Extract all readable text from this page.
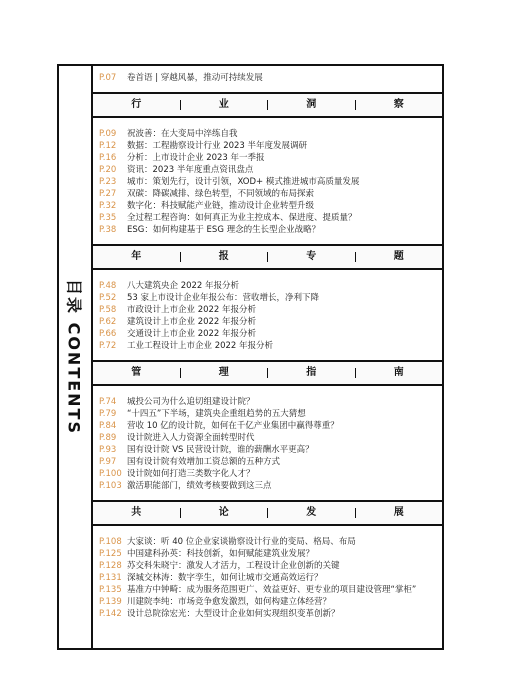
目录 CONTENTS
P.07	卷首语 | 穿越风暴，推动可持续发展
行	业	洞	察
P.09	祝波善：在大变局中淬练自我
P.12	数据：工程勘察设计行业 2023 半年度发展调研
P.16	分析：上市设计企业 2023 年一季报
P.20	资讯：2023 半年度重点资讯盘点
P.23	城市：策划先行，设计引领，XOD+ 模式推进城市高质量发展
P.27	双碳：降碳减排、绿色转型，不同领域的布局探索
P.32	数字化：科技赋能产业链，推动设计企业转型升级
P.35	全过程工程咨询：如何真正为业主控成本、保进度、提质量？
P.38	ESG：如何构建基于 ESG 理念的生长型企业战略？
年	报	专	题
P.48	八大建筑央企 2022 年报分析
P.52	53 家上市设计企业年报公布：营收增长，净利下降
P.58	市政设计上市企业 2022 年报分析
P.62	建筑设计上市企业 2022 年报分析
P.66	交通设计上市企业 2022 年报分析
P.72	工业工程设计上市企业 2022 年报分析
管	理	指	南
P.74	城投公司为什么追切组建设计院？
P.79	“十四五”下半场，建筑央企重组趋势的五大猜想
P.84	营收 10 亿的设计院，如何在千亿产业集团中赢得尊重？
P.89	设计院进入人力资源全面转型时代
P.93	国有设计院 VS 民营设计院，谁的薪酬水平更高？
P.97	国有设计院有效增加工资总额的五种方式
P.100 设计院如何打造三类数字化人才？
P.103 激活职能部门，绩效考核要做到这三点
共	论	发	展
P.108 大家谈：听 40 位企业家谈勘察设计行业的变局、格局、布局
P.125 中国建科孙英：科技创新，如何赋能建筑业发展？
P.128 苏交科朱晓宁：激发人才活力，工程设计企业创新的关键
P.131 深城交林涛：数字孪生，如何让城市交通高效运行？
P.135 基准方中钟畸：成为服务范围更广、效益更好、更专业的项目建设管理“掌柜”
P.139 川建院李纯：市场竞争愈发激烈，如何构建立体经营？
P.142 设计总院徐宏光：大型设计企业如何实现组织变革创新？
